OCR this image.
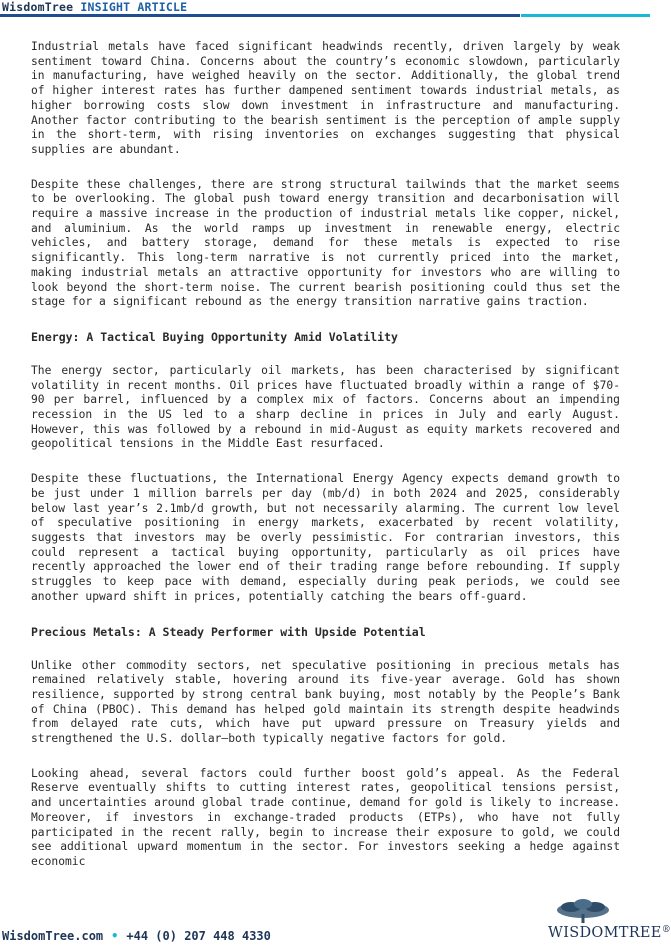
WisdomTree INSIGHT ARTICLE

Industrial metals have faced significant headwinds recently, driven largely by weak sentiment toward China. Concerns about the country’s economic slowdown, particularly in manufacturing, have weighed heavily on the sector. Additionally, the global trend of higher interest rates has further dampened sentiment towards industrial metals, as higher borrowing costs slow down investment in infrastructure and manufacturing. Another factor contributing to the bearish sentiment is the perception of ample supply in the short-term, with rising inventories on exchanges suggesting that physical supplies are abundant.

Despite these challenges, there are strong structural tailwinds that the market seems to be overlooking. The global push toward energy transition and decarbonisation will require a massive increase in the production of industrial metals like copper, nickel, and aluminium. As the world ramps up investment in renewable energy, electric vehicles, and battery storage, demand for these metals is expected to rise significantly. This long-term narrative is not currently priced into the market, making industrial metals an attractive opportunity for investors who are willing to look beyond the short-term noise. The current bearish positioning could thus set the stage for a significant rebound as the energy transition narrative gains traction.

Energy: A Tactical Buying Opportunity Amid Volatility

The energy sector, particularly oil markets, has been characterised by significant volatility in recent months. Oil prices have fluctuated broadly within a range of $70-90 per barrel, influenced by a complex mix of factors. Concerns about an impending recession in the US led to a sharp decline in prices in July and early August. However, this was followed by a rebound in mid-August as equity markets recovered and geopolitical tensions in the Middle East resurfaced.

Despite these fluctuations, the International Energy Agency expects demand growth to be just under 1 million barrels per day (mb/d) in both 2024 and 2025, considerably below last year’s 2.1mb/d growth, but not necessarily alarming. The current low level of speculative positioning in energy markets, exacerbated by recent volatility, suggests that investors may be overly pessimistic. For contrarian investors, this could represent a tactical buying opportunity, particularly as oil prices have recently approached the lower end of their trading range before rebounding. If supply struggles to keep pace with demand, especially during peak periods, we could see another upward shift in prices, potentially catching the bears off-guard.

Precious Metals: A Steady Performer with Upside Potential

Unlike other commodity sectors, net speculative positioning in precious metals has remained relatively stable, hovering around its five-year average. Gold has shown resilience, supported by strong central bank buying, most notably by the People’s Bank of China (PBOC). This demand has helped gold maintain its strength despite headwinds from delayed rate cuts, which have put upward pressure on Treasury yields and strengthened the U.S. dollar—both typically negative factors for gold.

Looking ahead, several factors could further boost gold’s appeal. As the Federal Reserve eventually shifts to cutting interest rates, geopolitical tensions persist, and uncertainties around global trade continue, demand for gold is likely to increase. Moreover, if investors in exchange-traded products (ETPs), who have not fully participated in the recent rally, begin to increase their exposure to gold, we could see additional upward momentum in the sector. For investors seeking a hedge against economic

WISDOMTREE®
WisdomTree.com • +44 (0) 207 448 4330
